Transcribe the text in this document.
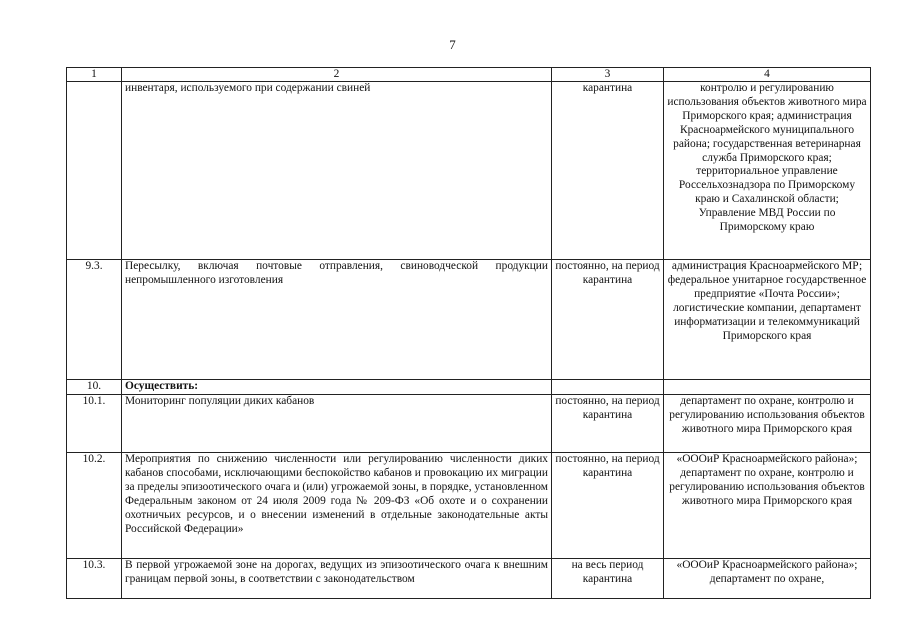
7
1	2	3	4
	инвентаря, используемого при содержании свиней	карантина	контролю и регулированию использования объектов животного мира Приморского края; администрация Красноармейского муниципального района; государственная ветеринарная служба Приморского края; территориальное управление Россельхознадзора по Приморскому краю и Сахалинской области; Управление МВД России по Приморскому краю
9.3.	Пересылку, включая почтовые отправления, свиноводческой продукции непромышленного изготовления	постоянно, на период карантина	администрация Красноармейского МР; федеральное унитарное государственное предприятие «Почта России»; логистические компании, департамент информатизации и телекоммуникаций Приморского края
10.	Осуществить:		
10.1.	Мониторинг популяции диких кабанов	постоянно, на период карантина	департамент по охране, контролю и регулированию использования объектов животного мира Приморского края
10.2.	Мероприятия по снижению численности или регулированию численности диких кабанов способами, исключающими беспокойство кабанов и провокацию их миграции за пределы эпизоотического очага и (или) угрожаемой зоны, в порядке, установленном Федеральным законом от 24 июля 2009 года № 209-ФЗ «Об охоте и о сохранении охотничьих ресурсов, и о внесении изменений в отдельные законодательные акты Российской Федерации»	постоянно, на период карантина	«ОООиР Красноармейского района»; департамент по охране, контролю и регулированию использования объектов животного мира Приморского края
10.3.	В первой угрожаемой зоне на дорогах, ведущих из эпизоотического очага к внешним границам первой зоны, в соответствии с законодательством	на весь период карантина	«ОООиР Красноармейского района»; департамент по охране,
